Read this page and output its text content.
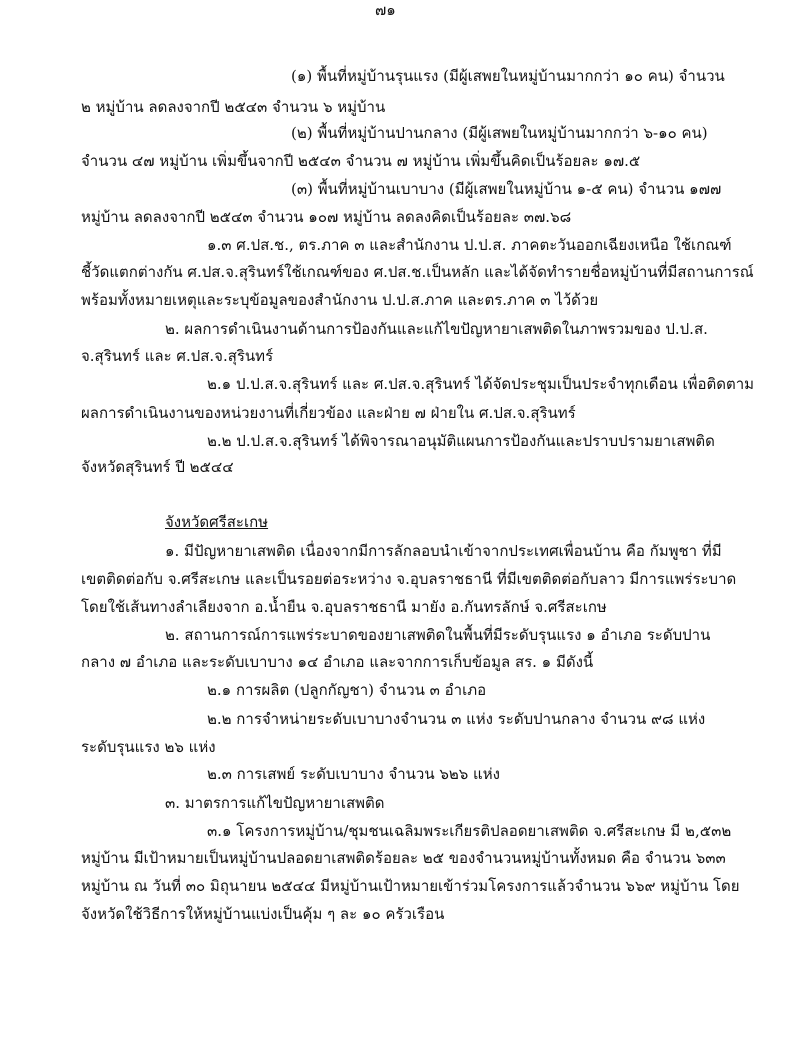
๗๑
(๑) พื้นที่หมู่บ้านรุนแรง (มีผู้เสพยในหมู่บ้านมากกว่า ๑๐ คน) จำนวน
๒ หมู่บ้าน ลดลงจากปี ๒๕๔๓ จำนวน ๖ หมู่บ้าน
(๒) พื้นที่หมู่บ้านปานกลาง (มีผู้เสพยในหมู่บ้านมากกว่า ๖-๑๐ คน)
จำนวน ๔๗ หมู่บ้าน เพิ่มขึ้นจากปี ๒๕๔๓ จำนวน ๗ หมู่บ้าน เพิ่มขึ้นคิดเป็นร้อยละ ๑๗.๕
(๓) พื้นที่หมู่บ้านเบาบาง (มีผู้เสพยในหมู่บ้าน ๑-๕ คน) จำนวน ๑๗๗
หมู่บ้าน ลดลงจากปี ๒๕๔๓ จำนวน ๑๐๗ หมู่บ้าน ลดลงคิดเป็นร้อยละ ๓๗.๖๘
๑.๓ ศ.ปส.ช., ตร.ภาค ๓ และสำนักงาน ป.ป.ส. ภาคตะวันออกเฉียงเหนือ ใช้เกณฑ์
ชี้วัดแตกต่างกัน ศ.ปส.จ.สุรินทร์ใช้เกณฑ์ของ ศ.ปส.ช.เป็นหลัก และได้จัดทำรายชื่อหมู่บ้านที่มีสถานการณ์
พร้อมทั้งหมายเหตุและระบุข้อมูลของสำนักงาน ป.ป.ส.ภาค และตร.ภาค ๓ ไว้ด้วย
๒. ผลการดำเนินงานด้านการป้องกันและแก้ไขปัญหายาเสพติดในภาพรวมของ ป.ป.ส.
จ.สุรินทร์ และ ศ.ปส.จ.สุรินทร์
๒.๑ ป.ป.ส.จ.สุรินทร์ และ ศ.ปส.จ.สุรินทร์ ได้จัดประชุมเป็นประจำทุกเดือน เพื่อติดตาม
ผลการดำเนินงานของหน่วยงานที่เกี่ยวข้อง และฝ่าย ๗ ฝ่ายใน ศ.ปส.จ.สุรินทร์
๒.๒ ป.ป.ส.จ.สุรินทร์ ได้พิจารณาอนุมัติแผนการป้องกันและปราบปรามยาเสพติด
จังหวัดสุรินทร์ ปี ๒๕๔๔
จังหวัดศรีสะเกษ
๑. มีปัญหายาเสพติด เนื่องจากมีการลักลอบนำเข้าจากประเทศเพื่อนบ้าน คือ กัมพูชา ที่มี
เขตติดต่อกับ จ.ศรีสะเกษ และเป็นรอยต่อระหว่าง จ.อุบลราชธานี ที่มีเขตติดต่อกับลาว มีการแพร่ระบาด
โดยใช้เส้นทางลำเลียงจาก อ.น้ำยืน จ.อุบลราชธานี มายัง อ.กันทรลักษ์ จ.ศรีสะเกษ
๒. สถานการณ์การแพร่ระบาดของยาเสพติดในพื้นที่มีระดับรุนแรง ๑ อำเภอ ระดับปาน
กลาง ๗ อำเภอ และระดับเบาบาง ๑๔ อำเภอ และจากการเก็บข้อมูล สร. ๑ มีดังนี้
๒.๑ การผลิต (ปลูกกัญชา) จำนวน ๓ อำเภอ
๒.๒ การจำหน่ายระดับเบาบางจำนวน ๓ แห่ง ระดับปานกลาง จำนวน ๙๘ แห่ง
ระดับรุนแรง ๒๖ แห่ง
๒.๓ การเสพย์ ระดับเบาบาง จำนวน ๖๒๖ แห่ง
๓. มาตรการแก้ไขปัญหายาเสพติด
๓.๑ โครงการหมู่บ้าน/ชุมชนเฉลิมพระเกียรติปลอดยาเสพติด จ.ศรีสะเกษ มี ๒,๕๓๒
หมู่บ้าน มีเป้าหมายเป็นหมู่บ้านปลอดยาเสพติดร้อยละ ๒๕ ของจำนวนหมู่บ้านทั้งหมด คือ จำนวน ๖๓๓
หมู่บ้าน ณ วันที่ ๓๐ มิถุนายน ๒๕๔๔ มีหมู่บ้านเป้าหมายเข้าร่วมโครงการแล้วจำนวน ๖๖๙ หมู่บ้าน โดย
จังหวัดใช้วิธีการให้หมู่บ้านแบ่งเป็นคุ้ม ๆ ละ ๑๐ ครัวเรือน
